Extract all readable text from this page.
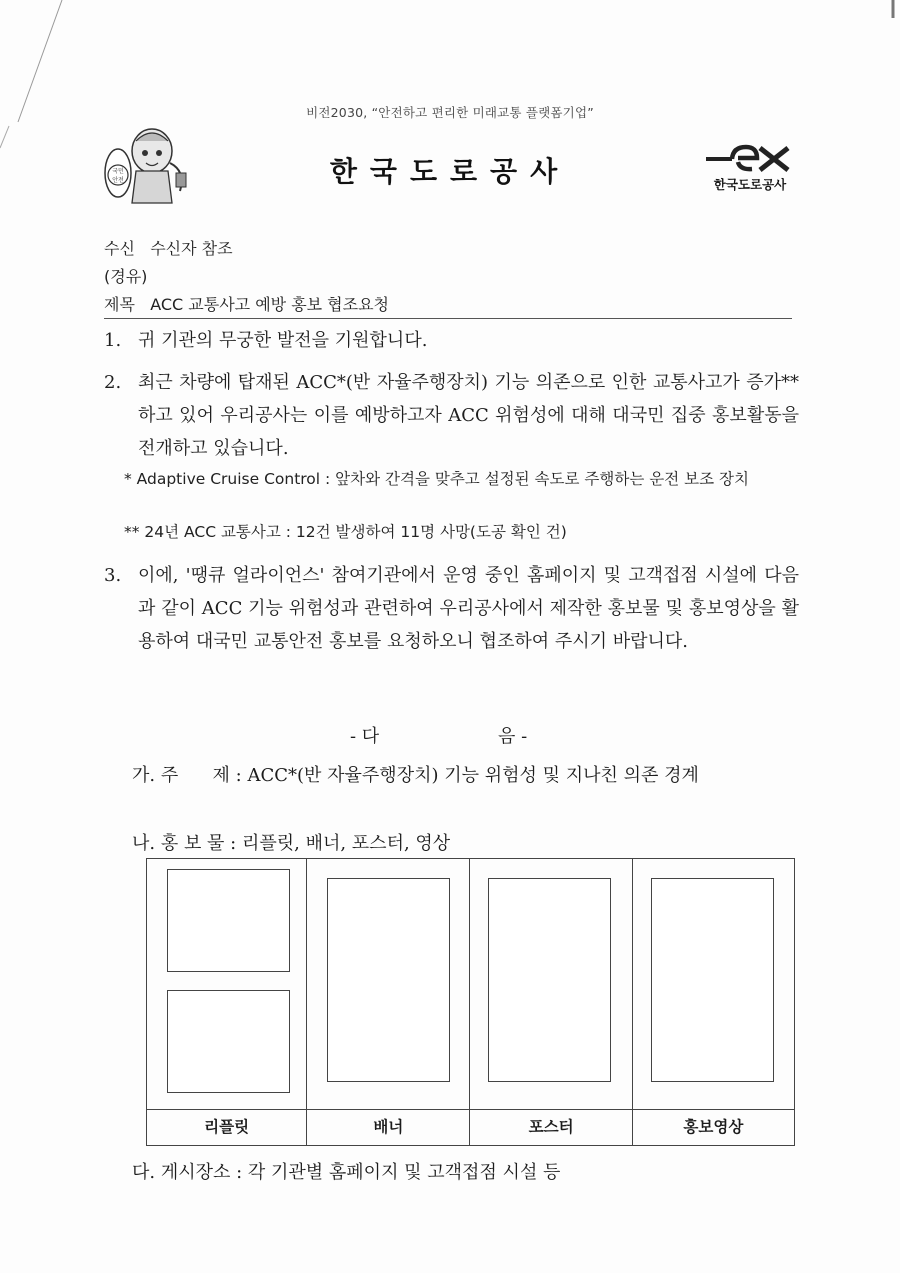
비전2030, “안전하고 편리한 미래교통 플랫폼기업”
국민
안전	한국도로공사	한국도로공사
수신 수신자 참조
(경유)
제목 ACC 교통사고 예방 홍보 협조요청
1. 귀 기관의 무궁한 발전을 기원합니다.
2. 최근 차량에 탑재된 ACC*(반 자율주행장치) 기능 의존으로 인한 교통사고가 증가**하고 있어 우리공사는 이를 예방하고자 ACC 위험성에 대해 대국민 집중 홍보활동을 전개하고 있습니다.
* Adaptive Cruise Control : 앞차와 간격을 맞추고 설정된 속도로 주행하는 운전 보조 장치
** 24년 ACC 교통사고 : 12건 발생하여 11명 사망(도공 확인 건)
3. 이에, '땡큐 얼라이언스' 참여기관에서 운영 중인 홈페이지 및 고객접점 시설에 다음과 같이 ACC 기능 위험성과 관련하여 우리공사에서 제작한 홍보물 및 홍보영상을 활용하여 대국민 교통안전 홍보를 요청하오니 협조하여 주시기 바랍니다.
- 다	음 -
가. 주      제 : ACC*(반 자율주행장치) 기능 위험성 및 지나친 의존 경계
나. 홍 보 물 : 리플릿, 배너, 포스터, 영상

리플릿	배너	포스터	홍보영상
다. 게시장소 : 각 기관별 홈페이지 및 고객접점 시설 등
